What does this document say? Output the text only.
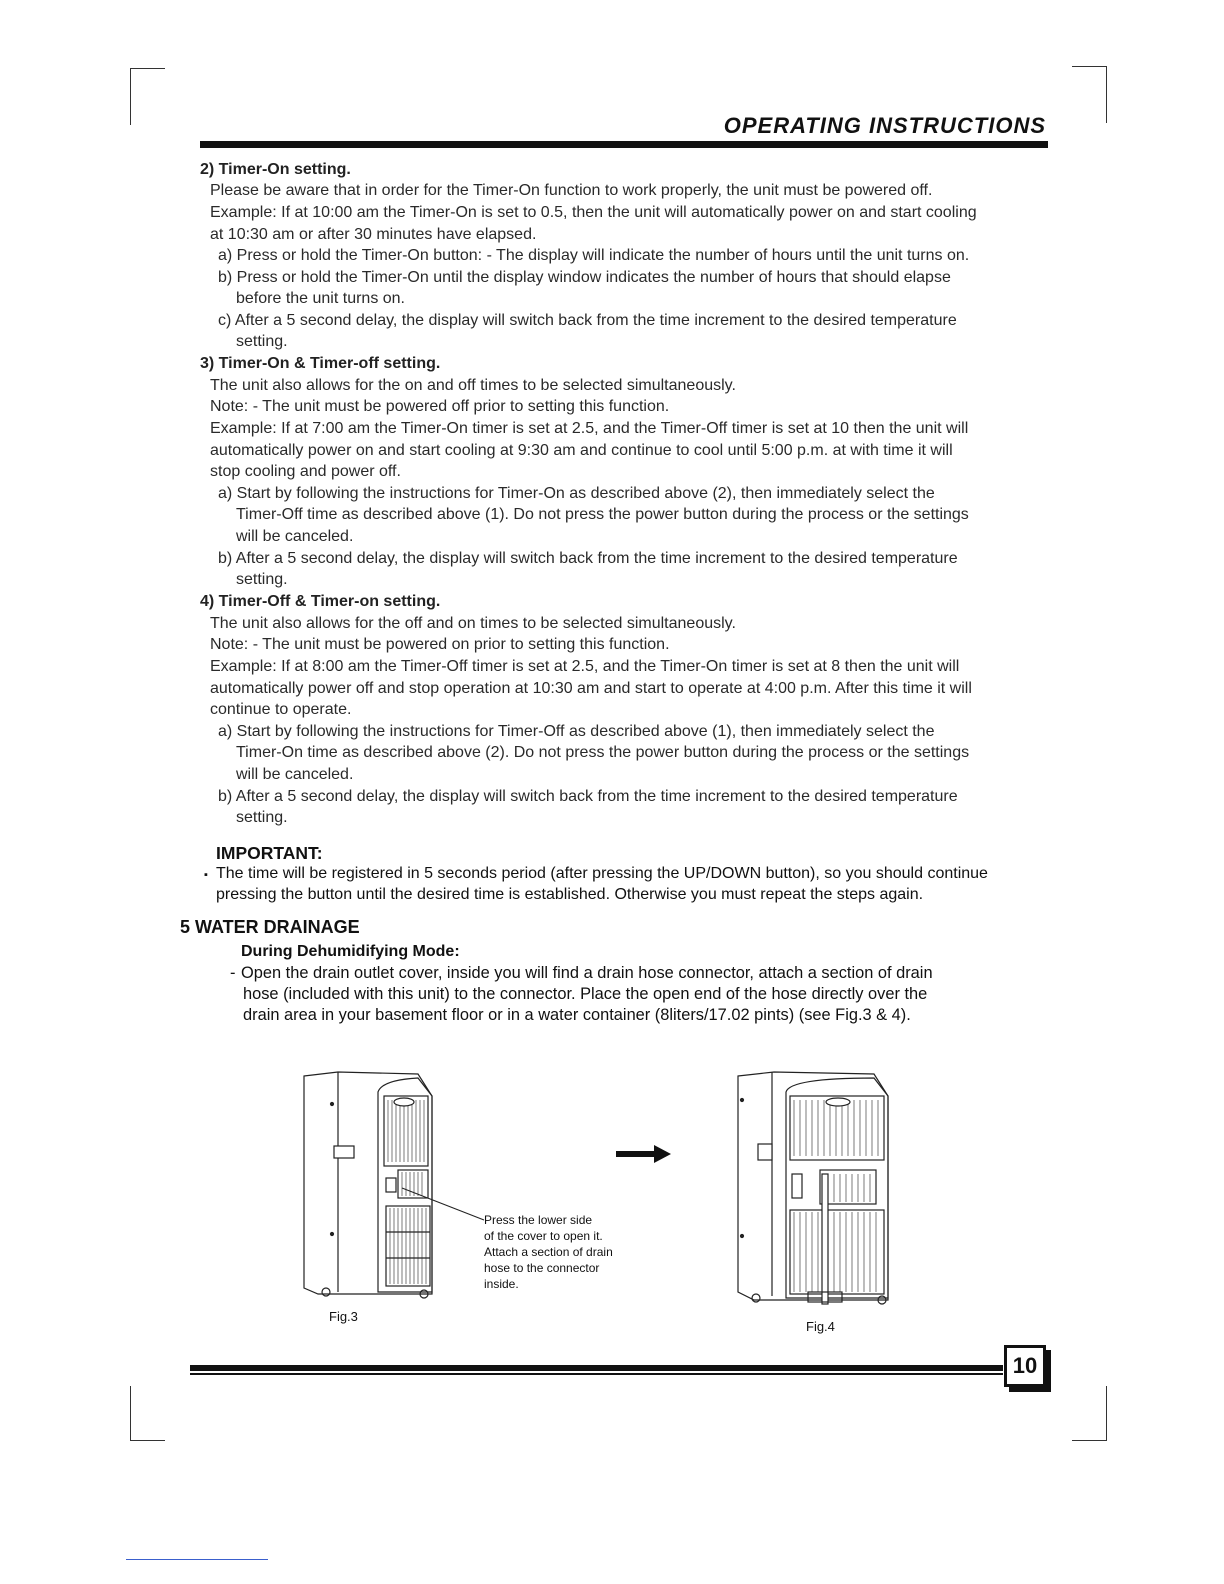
OPERATING INSTRUCTIONS
2) Timer-On setting.
Please be aware that in order for the Timer-On function to work properly, the unit must be powered off.
Example: If at 10:00 am the Timer-On is set to 0.5, then the unit will automatically power on and start cooling
at 10:30 am or after 30 minutes have elapsed.
a) Press or hold the Timer-On button: - The display will indicate the number of hours until the unit turns on.
b) Press or hold the Timer-On until the display window indicates the number of hours that should elapse
before the unit turns on.
c) After a 5 second delay, the display will switch back from the time increment to the desired temperature
setting.
3) Timer-On & Timer-off setting.
The unit also allows for the on and off times to be selected simultaneously.
Note: - The unit must be powered off prior to setting this function.
Example: If at 7:00 am the Timer-On timer is set at 2.5, and the Timer-Off timer is set at 10 then the unit will
automatically power on and start cooling at 9:30 am and continue to cool until 5:00 p.m. at with time it will
stop cooling and power off.
a) Start by following the instructions for Timer-On as described above (2), then immediately select the
Timer-Off time as described above (1). Do not press the power button during the process or the settings
will be canceled.
b) After a 5 second delay, the display will switch back from the time increment to the desired temperature
setting.
4) Timer-Off & Timer-on setting.
The unit also allows for the off and on times to be selected simultaneously.
Note: - The unit must be powered on prior to setting this function.
Example: If at 8:00 am the Timer-Off timer is set at 2.5, and the Timer-On timer is set at 8 then the unit will
automatically power off and stop operation at 10:30 am and start to operate at 4:00 p.m. After this time it will
continue to operate.
a) Start by following the instructions for Timer-Off as described above (1), then immediately select the
Timer-On time as described above (2). Do not press the power button during the process or the settings
will be canceled.
b) After a 5 second delay, the display will switch back from the time increment to the desired temperature
setting.
IMPORTANT:
▪ The time will be registered in 5 seconds period (after pressing the UP/DOWN button), so you should continue
pressing the button until the desired time is established. Otherwise you must repeat the steps again.
5 WATER DRAINAGE
During Dehumidifying Mode:
- Open the drain outlet cover, inside you will find a drain hose connector, attach a section of drain
hose (included with this unit) to the connector. Place the open end of the hose directly over the
drain area in your basement floor or in a water container (8liters/17.02 pints) (see Fig.3 & 4).
Press the lower side
of the cover to open it.
Attach a section of drain
hose to the connector
inside.
Fig.3
Fig.4
10
